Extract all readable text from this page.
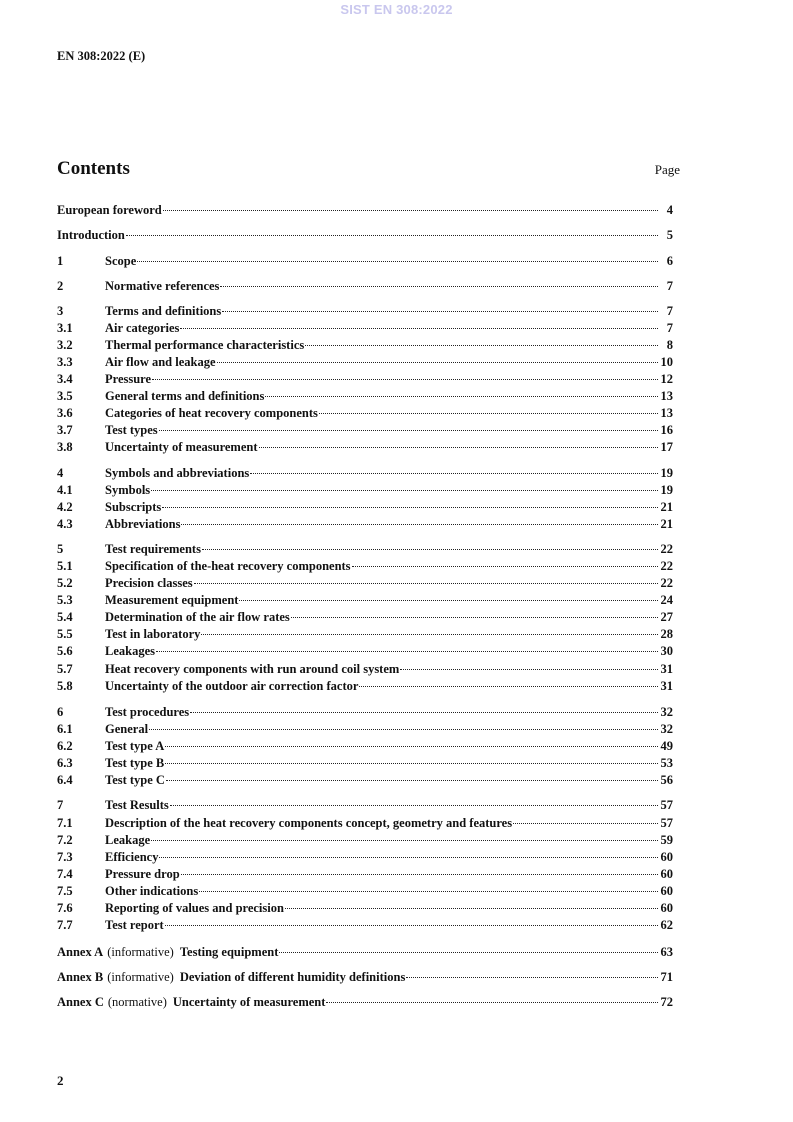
SIST EN 308:2022
EN 308:2022 (E)
Contents	Page
European foreword	4
Introduction	5
1	Scope	6
2	Normative references	7
3	Terms and definitions	7
3.1	Air categories	7
3.2	Thermal performance characteristics	8
3.3	Air flow and leakage	10
3.4	Pressure	12
3.5	General terms and definitions	13
3.6	Categories of heat recovery components	13
3.7	Test types	16
3.8	Uncertainty of measurement	17
4	Symbols and abbreviations	19
4.1	Symbols	19
4.2	Subscripts	21
4.3	Abbreviations	21
5	Test requirements	22
5.1	Specification of the-heat recovery components	22
5.2	Precision classes	22
5.3	Measurement equipment	24
5.4	Determination of the air flow rates	27
5.5	Test in laboratory	28
5.6	Leakages	30
5.7	Heat recovery components with run around coil system	31
5.8	Uncertainty of the outdoor air correction factor	31
6	Test procedures	32
6.1	General	32
6.2	Test type A	49
6.3	Test type B	53
6.4	Test type C	56
7	Test Results	57
7.1	Description of the heat recovery components concept, geometry and features	57
7.2	Leakage	59
7.3	Efficiency	60
7.4	Pressure drop	60
7.5	Other indications	60
7.6	Reporting of values and precision	60
7.7	Test report	62
Annex A (informative) Testing equipment	63
Annex B (informative) Deviation of different humidity definitions	71
Annex C (normative) Uncertainty of measurement	72
2
